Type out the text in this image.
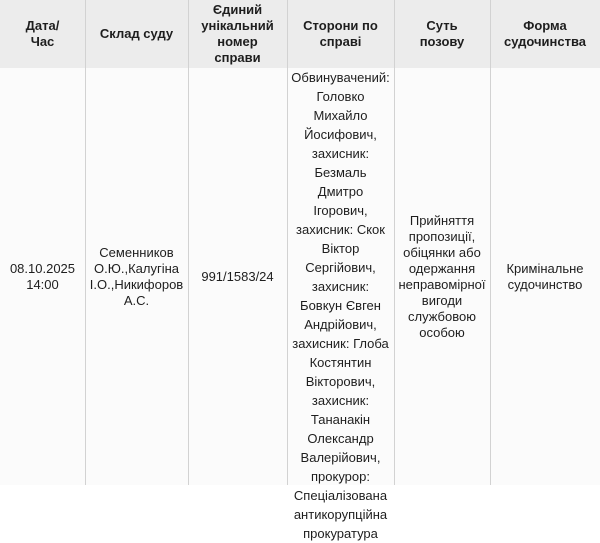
Дата/
Час
Склад суду
Єдиний
унікальний
номер
справи
Сторони по
справі
Суть
позову
Форма
судочинства
08.10.2025
14:00
Семенников
О.Ю.,Калугіна
І.О.,Никифоров
А.С.
991/1583/24
Обвинувачений:
Головко
Михайло
Йосифович,
захисник:
Безмаль
Дмитро
Ігорович,
захисник: Скок
Віктор
Сергійович,
захисник:
Бовкун Євген
Андрійович,
захисник: Глоба
Костянтин
Вікторович,
захисник:
Тананакін
Олександр
Валерійович,
прокурор:
Спеціалізована
антикорупційна
прокуратура
Прийняття
пропозиції,
обіцянки або
одержання
неправомірної
вигоди
службовою
особою
Кримінальне
судочинство
